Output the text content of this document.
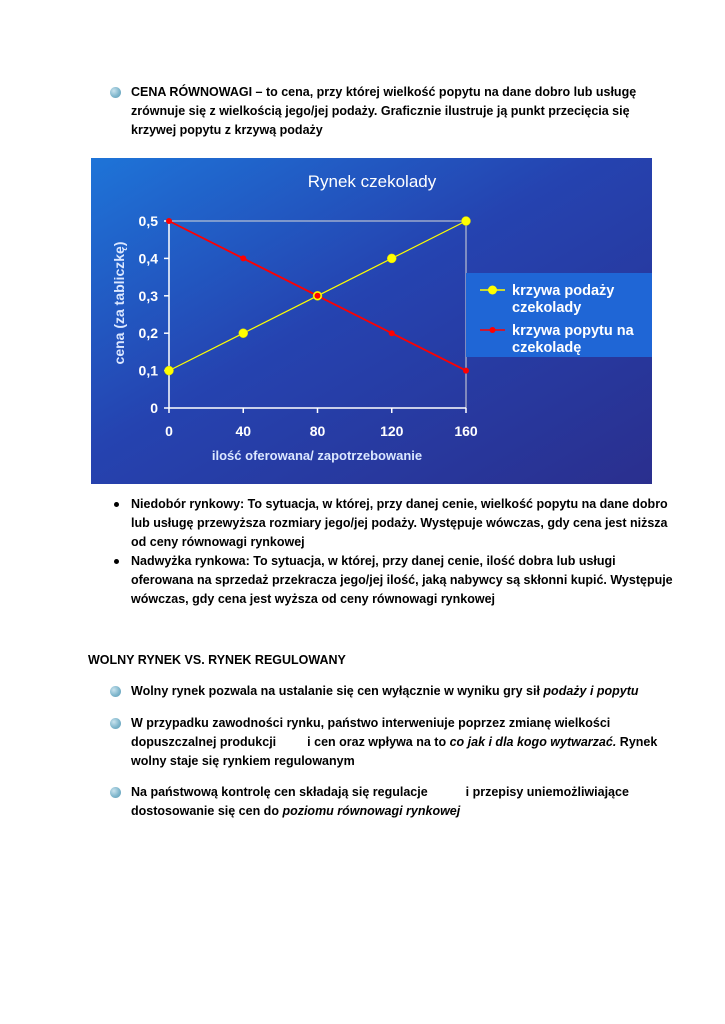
CENA RÓWNOWAGI – to cena, przy której wielkość popytu na dane dobro lub usługę
zrównuje się z wielkością jego/jej podaży. Graficznie ilustruje ją punkt przecięcia się
krzywej popytu z krzywą podaży
Rynek czekolady
cena (za tabliczkę)
ilość oferowana/ zapotrzebowanie
0
0,1
0,2
0,3
0,4
0,5
0	40	80	120	160
krzywa podaży
czekolady
krzywa popytu na
czekoladę
Niedobór rynkowy: To sytuacja, w której, przy danej cenie, wielkość popytu na dane dobro
lub usługę przewyższa rozmiary jego/jej podaży. Występuje wówczas, gdy cena jest niższa
od ceny równowagi rynkowej
Nadwyżka rynkowa: To sytuacja, w której, przy danej cenie, ilość dobra lub usługi
oferowana na sprzedaż przekracza jego/jej ilość, jaką nabywcy są skłonni kupić. Występuje
wówczas, gdy cena jest wyższa od ceny równowagi rynkowej
WOLNY RYNEK VS. RYNEK REGULOWANY
Wolny rynek pozwala na ustalanie się cen wyłącznie w wyniku gry sił podaży i popytu
W przypadku zawodności rynku, państwo interweniuje poprzez zmianę wielkości
dopuszczalnej produkcji i cen oraz wpływa na to co jak i dla kogo wytwarzać. Rynek
wolny staje się rynkiem regulowanym
Na państwową kontrolę cen składają się regulacje	i przepisy uniemożliwiające
dostosowanie się cen do poziomu równowagi rynkowej
